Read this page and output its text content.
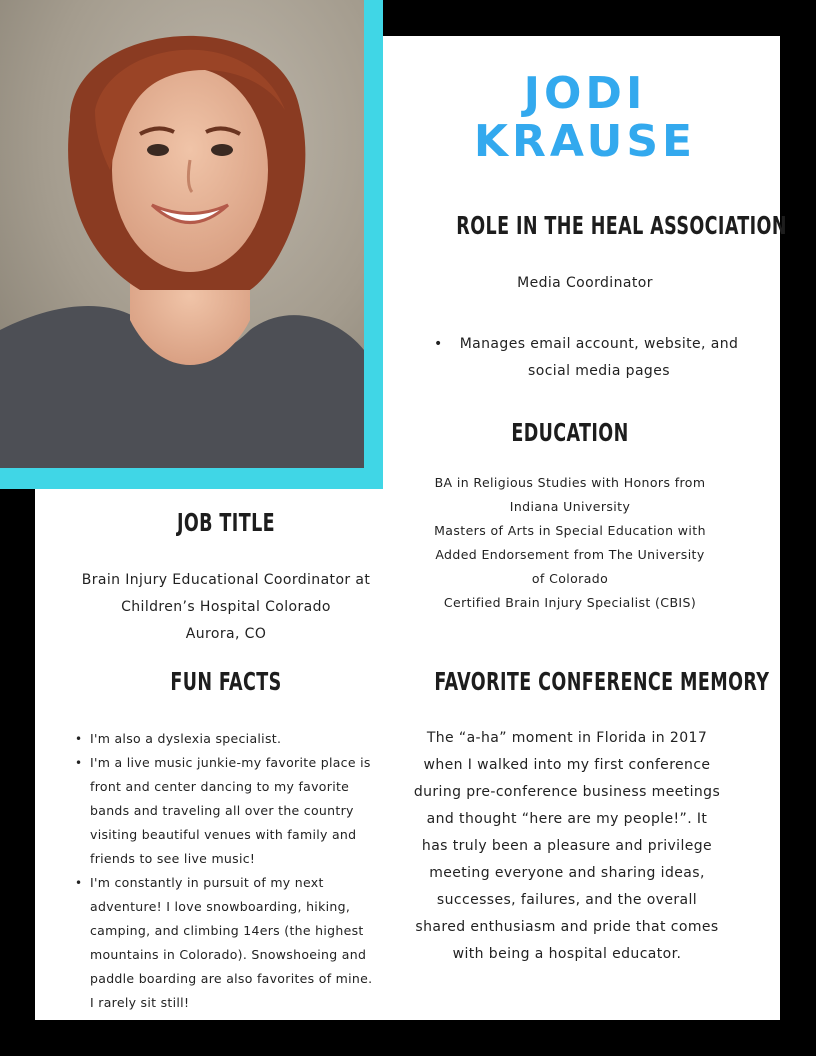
JODI
KRAUSE
ROLE IN THE HEAL ASSOCIATION
Media Coordinator
•	Manages email account, website, and social media pages
EDUCATION
BA in Religious Studies with Honors from
Indiana University
Masters of Arts in Special Education with
Added Endorsement from The University
of Colorado
Certified Brain Injury Specialist (CBIS)
JOB TITLE
Brain Injury Educational Coordinator at
Children’s Hospital Colorado
Aurora, CO
FUN FACTS
• I'm also a dyslexia specialist.
• I'm a live music junkie-my favorite place is front and center dancing to my favorite bands and traveling all over the country visiting beautiful venues with family and friends to see live music!
• I'm constantly in pursuit of my next adventure! I love snowboarding, hiking, camping, and climbing 14ers (the highest mountains in Colorado). Snowshoeing and paddle boarding are also favorites of mine. I rarely sit still!
FAVORITE CONFERENCE MEMORY
The “a-ha” moment in Florida in 2017 when I walked into my first conference during pre-conference business meetings and thought “here are my people!”. It has truly been a pleasure and privilege meeting everyone and sharing ideas, successes, failures, and the overall shared enthusiasm and pride that comes with being a hospital educator.
